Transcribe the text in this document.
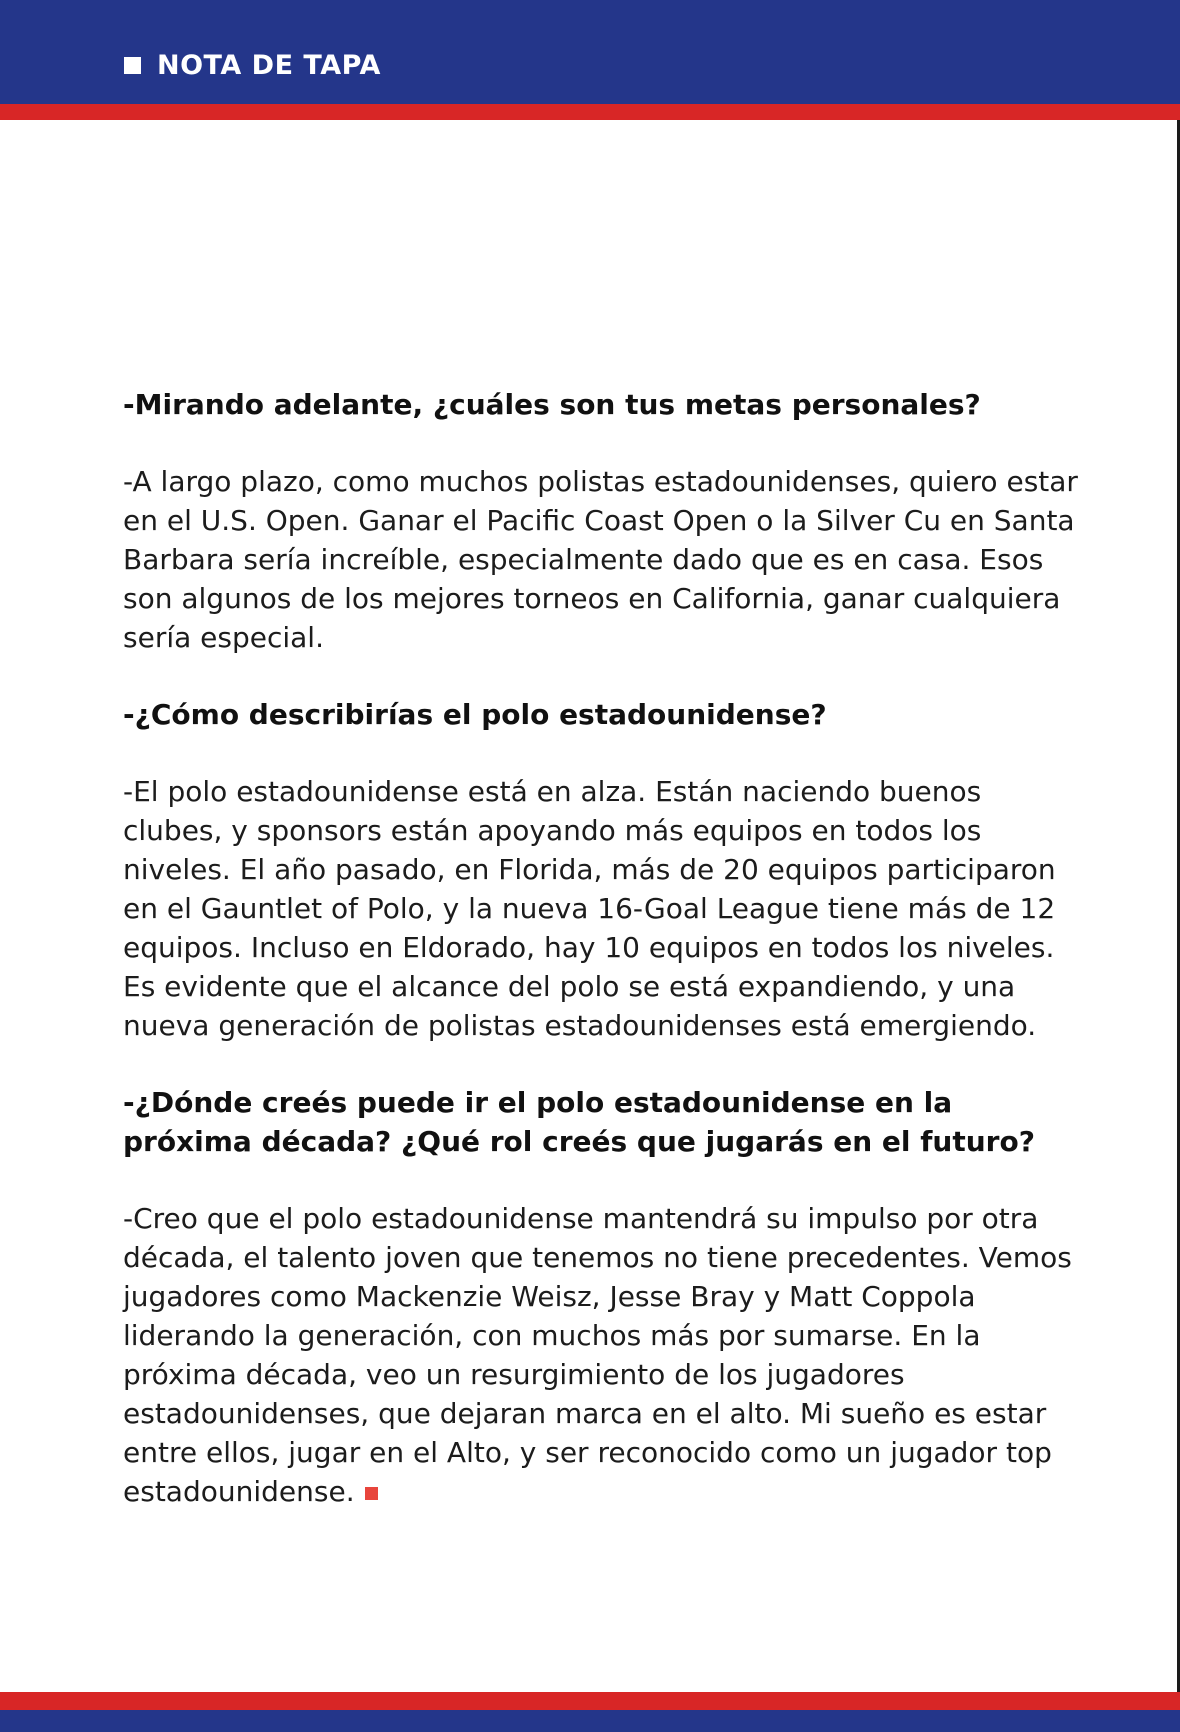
NOTA DE TAPA

-Mirando adelante, ¿cuáles son tus metas personales?

-A largo plazo, como muchos polistas estadounidenses, quiero estar en el U.S. Open. Ganar el Pacific Coast Open o la Silver Cu en Santa Barbara sería increíble, especialmente dado que es en casa. Esos son algunos de los mejores torneos en California, ganar cualquiera sería especial.

-¿Cómo describirías el polo estadounidense?

-El polo estadounidense está en alza. Están naciendo buenos clubes, y sponsors están apoyando más equipos en todos los niveles. El año pasado, en Florida, más de 20 equipos participaron en el Gauntlet of Polo, y la nueva 16-Goal League tiene más de 12 equipos. Incluso en Eldorado, hay 10 equipos en todos los niveles. Es evidente que el alcance del polo se está expandiendo, y una nueva generación de polistas estadounidenses está emergiendo.

-¿Dónde creés puede ir el polo estadounidense en la próxima década? ¿Qué rol creés que jugarás en el futuro?

-Creo que el polo estadounidense mantendrá su impulso por otra década, el talento joven que tenemos no tiene precedentes. Vemos jugadores como Mackenzie Weisz, Jesse Bray y Matt Coppola liderando la generación, con muchos más por sumarse. En la próxima década, veo un resurgimiento de los jugadores estadounidenses, que dejaran marca en el alto. Mi sueño es estar entre ellos, jugar en el Alto, y ser reconocido como un jugador top estadounidense.
